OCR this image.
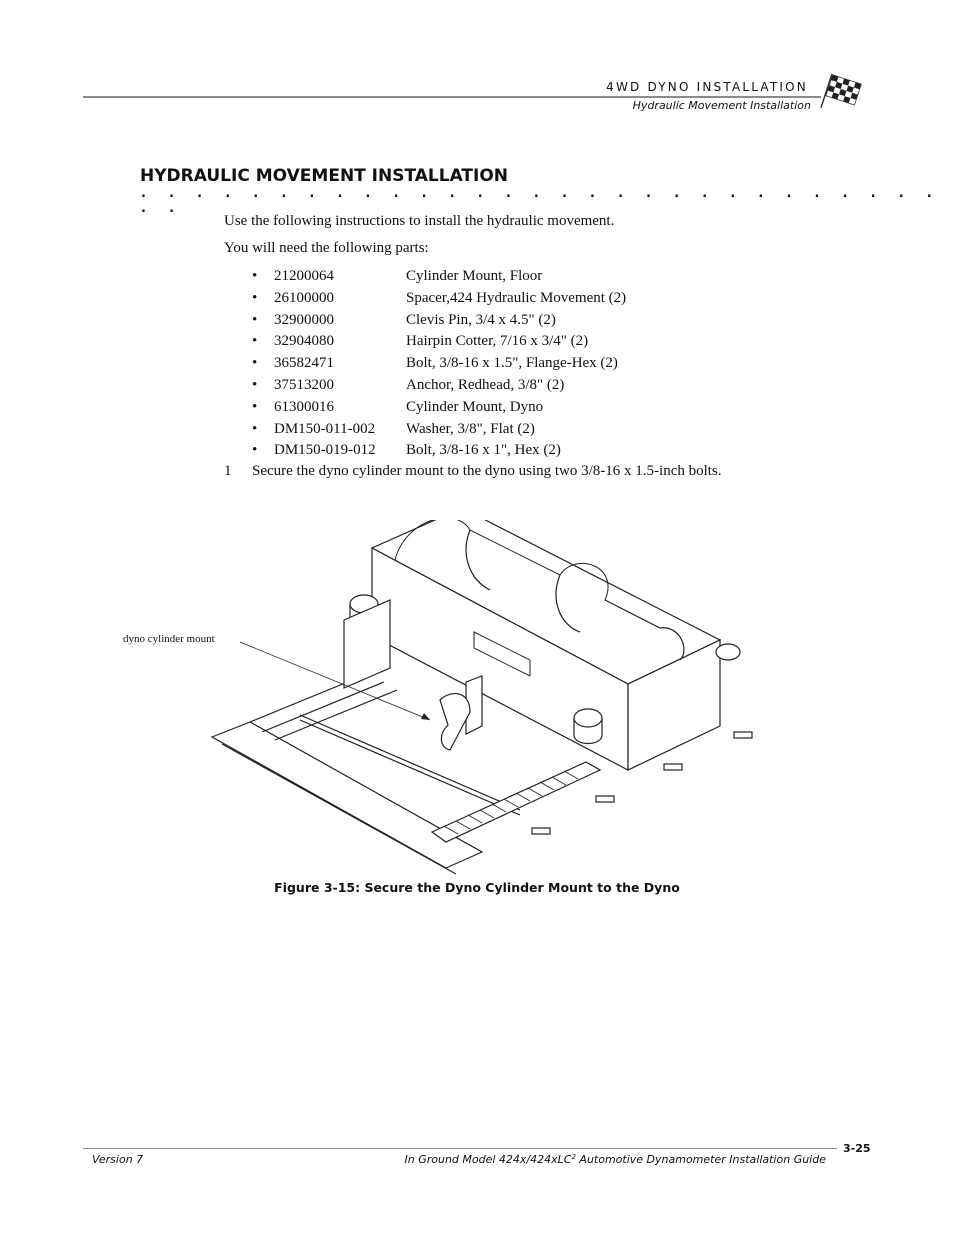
4WD DYNO INSTALLATION
Hydraulic Movement Installation
HYDRAULIC MOVEMENT INSTALLATION
. . . . . . . . . . . . . . . . . . . . . . . . . . . . . . .
Use the following instructions to install the hydraulic movement.
You will need the following parts:
• 21200064	Cylinder Mount, Floor
• 26100000	Spacer,424 Hydraulic Movement (2)
• 32900000	Clevis Pin, 3/4 x 4.5" (2)
• 32904080	Hairpin Cotter, 7/16 x 3/4" (2)
• 36582471	Bolt, 3/8-16 x 1.5", Flange-Hex (2)
• 37513200	Anchor, Redhead, 3/8" (2)
• 61300016	Cylinder Mount, Dyno
• DM150-011-002 Washer, 3/8", Flat (2)
• DM150-019-012 Bolt, 3/8-16 x 1", Hex (2)
1 Secure the dyno cylinder mount to the dyno using two 3/8-16 x 1.5-inch bolts.
dyno cylinder mount
Figure 3-15: Secure the Dyno Cylinder Mount to the Dyno
3-25
Version 7	In Ground Model 424x/424xLC$^2$ Automotive Dynamometer Installation Guide
